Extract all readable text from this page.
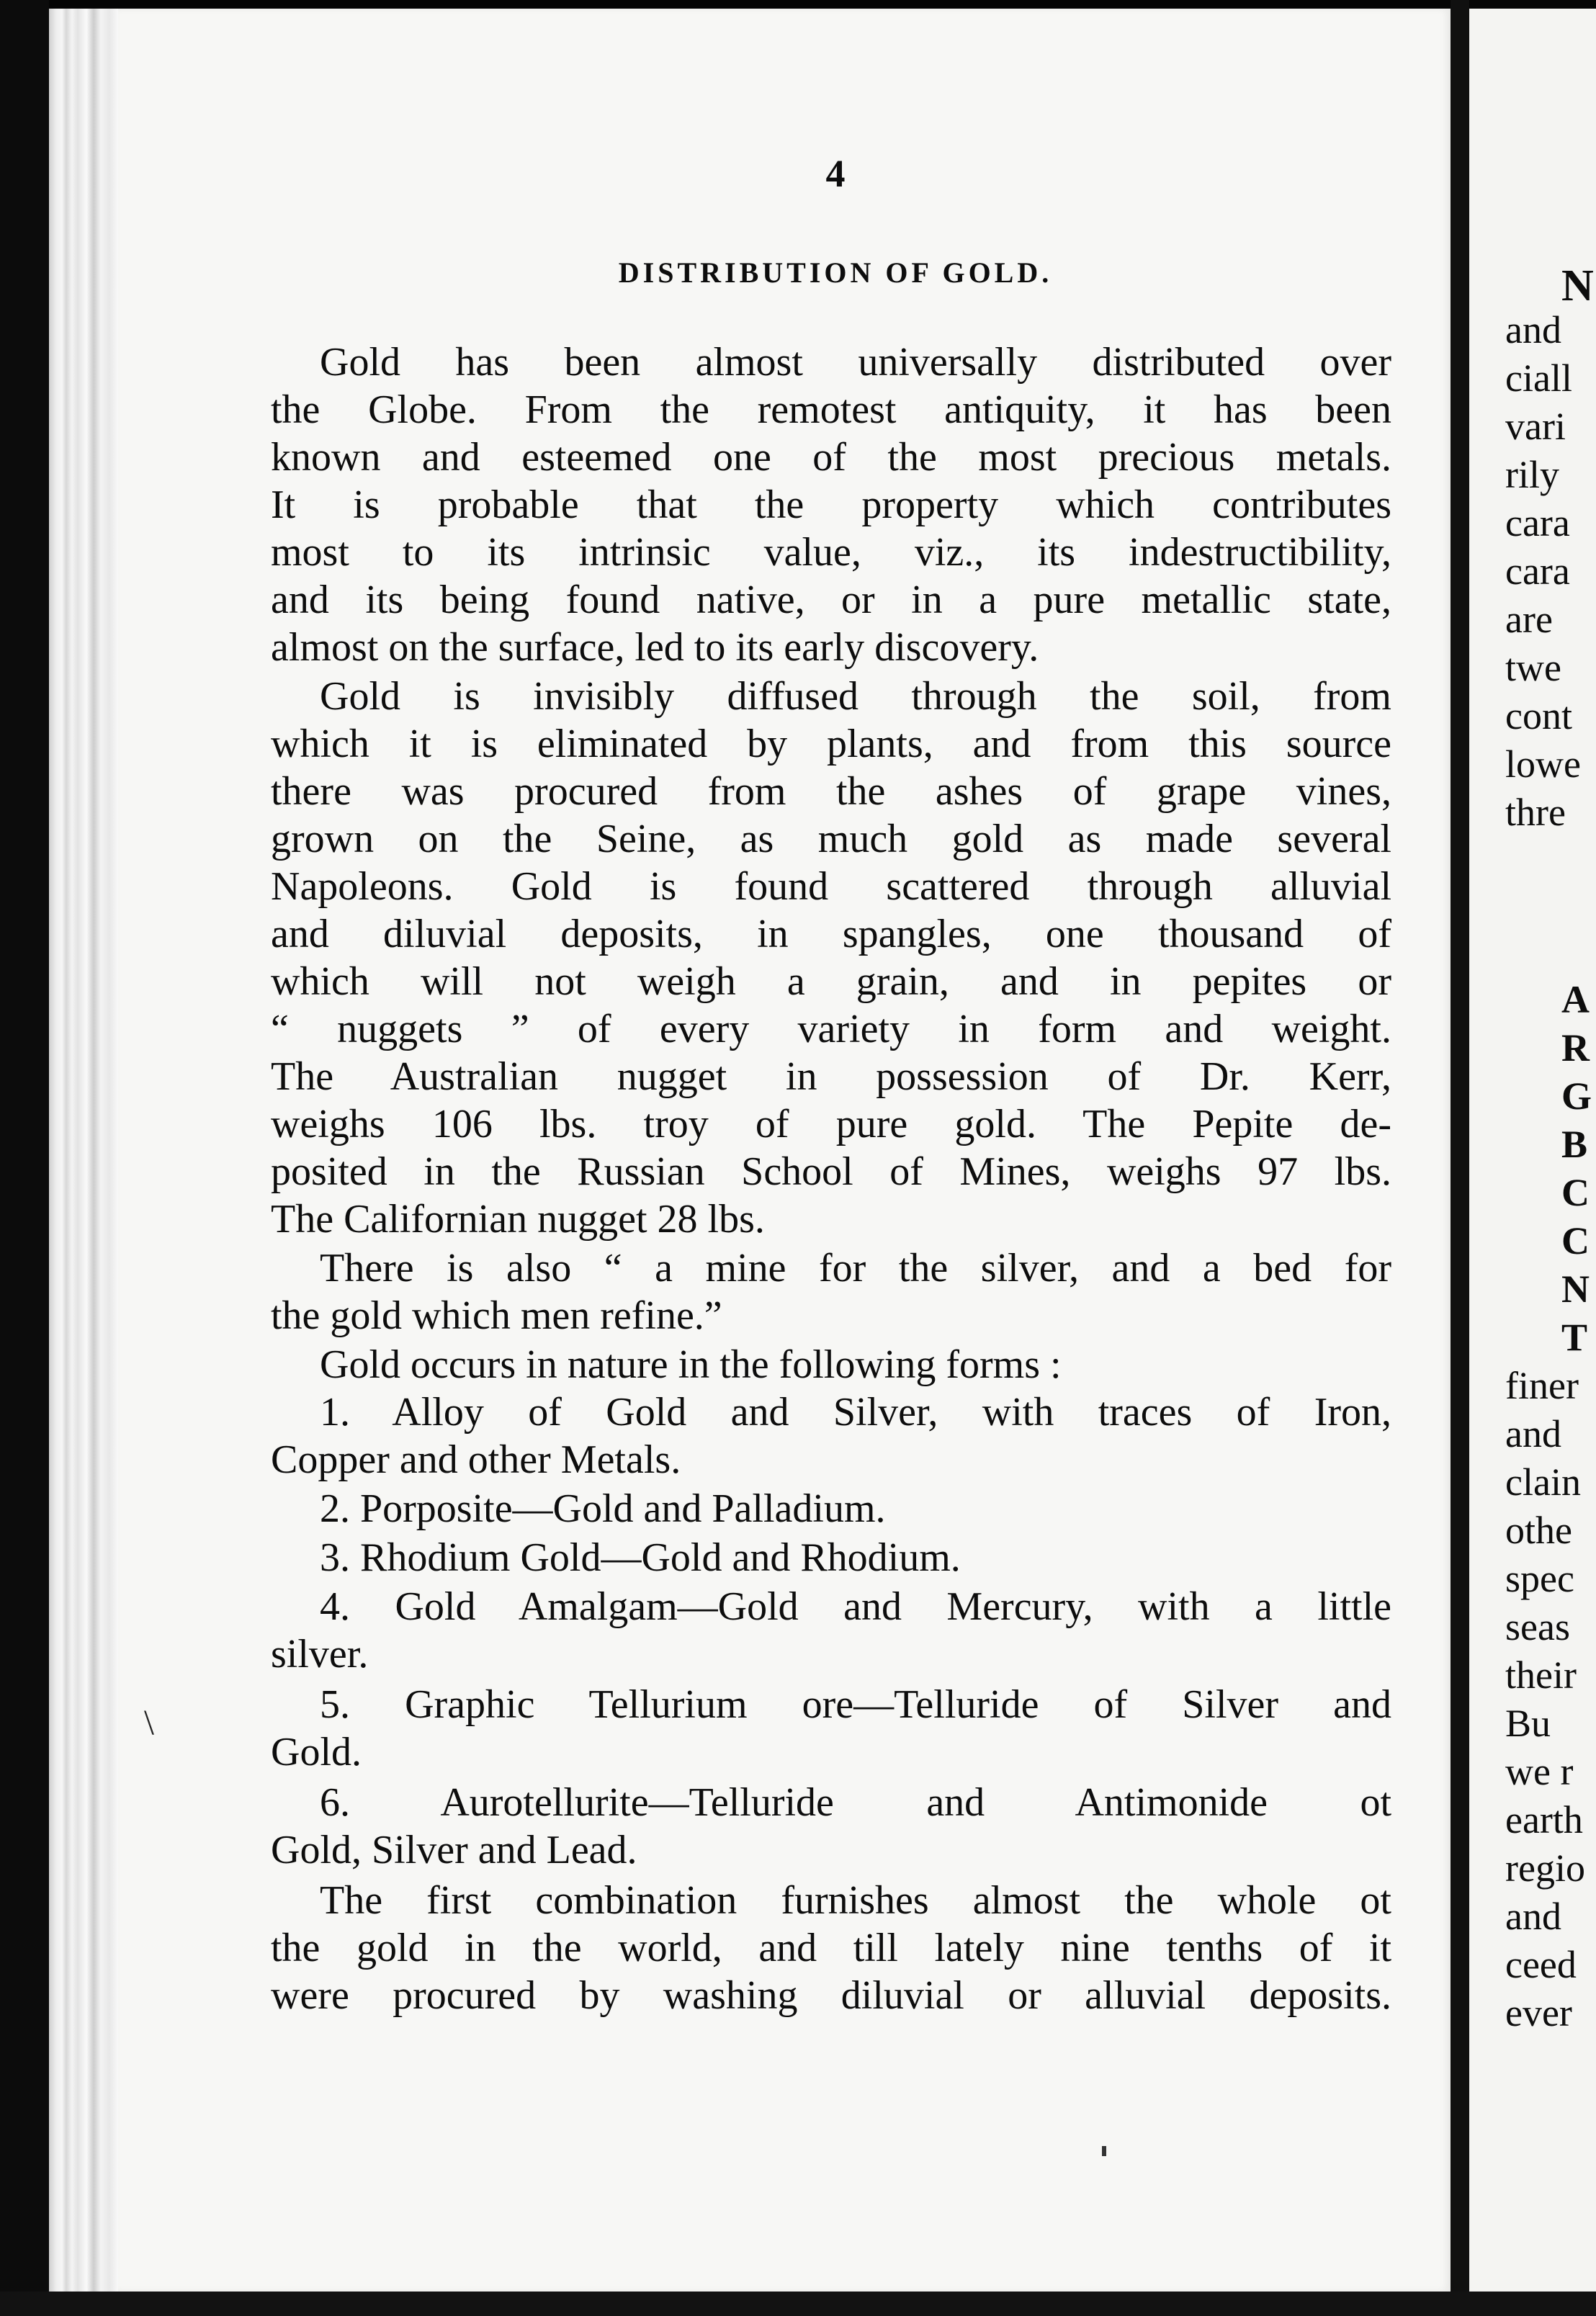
4
DISTRIBUTION OF GOLD.
Gold has been almost universally distributed over
the Globe. From the remotest antiquity, it has been
known and esteemed one of the most precious metals.
It is probable that the property which contributes
most to its intrinsic value, viz., its indestructibility,
and its being found native, or in a pure metallic state,
almost on the surface, led to its early discovery.
Gold is invisibly diffused through the soil, from
which it is eliminated by plants, and from this source
there was procured from the ashes of grape vines,
grown on the Seine, as much gold as made several
Napoleons. Gold is found scattered through alluvial
and diluvial deposits, in spangles, one thousand of
which will not weigh a grain, and in pepites or
“ nuggets ” of every variety in form and weight.
The Australian nugget in possession of Dr. Kerr,
weighs 106 lbs. troy of pure gold. The Pepite de-
posited in the Russian School of Mines, weighs 97 lbs.
The Californian nugget 28 lbs.
There is also “ a mine for the silver, and a bed for
the gold which men refine.”
Gold occurs in nature in the following forms :
1. Alloy of Gold and Silver, with traces of Iron,
Copper and other Metals.
2. Porposite—Gold and Palladium.
3. Rhodium Gold—Gold and Rhodium.
4. Gold Amalgam—Gold and Mercury, with a little
silver.
5. Graphic Tellurium ore—Telluride of Silver and
Gold.
6. Aurotellurite—Telluride and Antimonide ot
Gold, Silver and Lead.
The first combination furnishes almost the whole ot
the gold in the world, and till lately nine tenths of it
were procured by washing diluvial or alluvial deposits.
\
N
and
ciall
vari
rily
cara
cara
are
twe
cont
lowe
thre
A
R
G
B
C
C
N
T
finer
and
clain
othe
spec
seas
their
Bu
we r
earth
regio
and
ceed
ever
